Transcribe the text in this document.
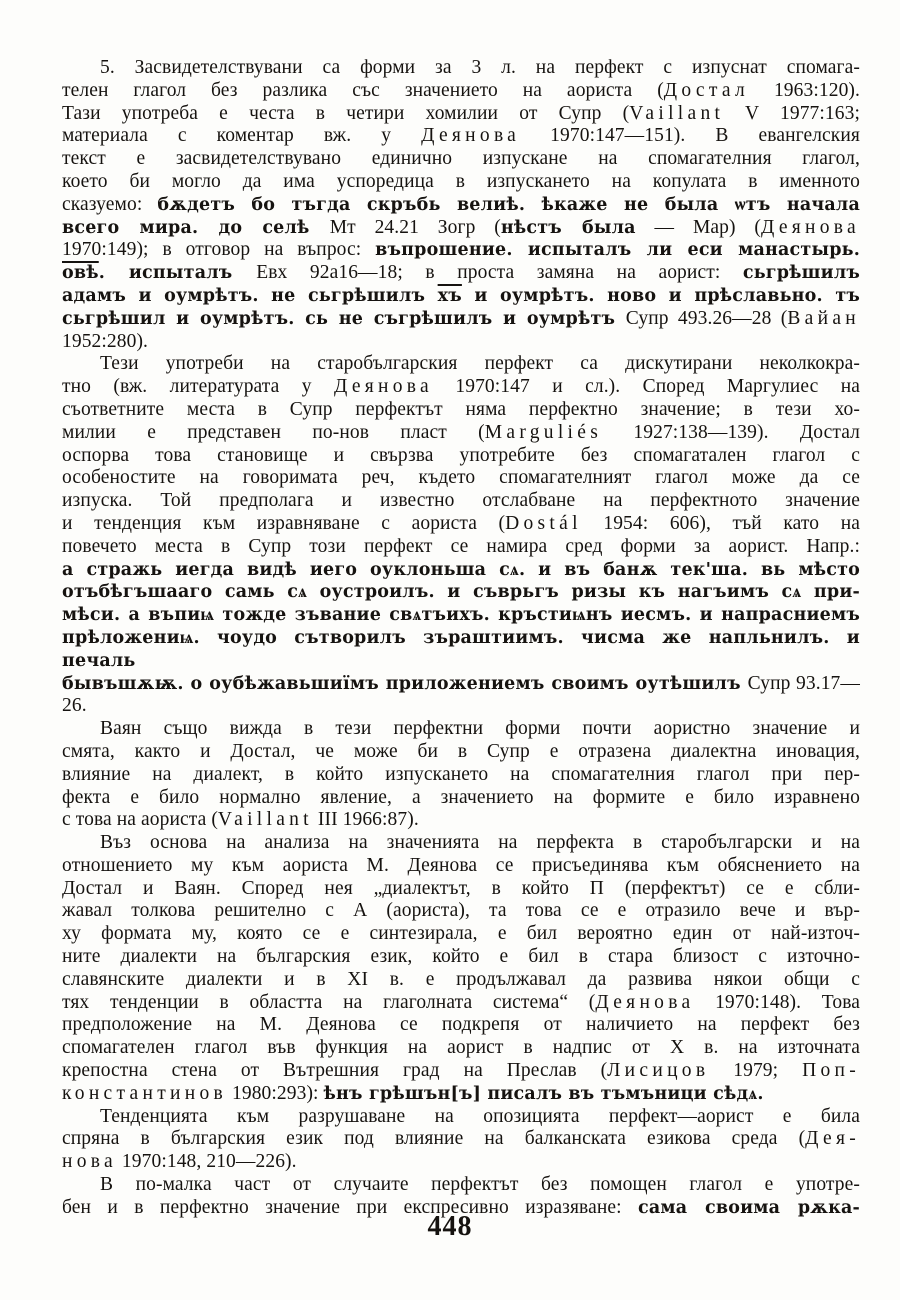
5. Засвидетелствувани са форми за 3 л. на перфект с изпуснат спомага-
телен глагол без разлика със значението на аориста (Достал 1963:120).
Тази употреба е честа в четири хомилии от Супр (Vaillant V 1977:163;
материала с коментар вж. у Деянова 1970:147—151). В евангелския
текст е засвидетелствувано единично изпускане на спомагателния глагол,
което би могло да има успоредица в изпускането на копулата в именното
сказуемо: бѫдетъ бо тъгда скръбь велиѣ. ѣкаже не была ѡтъ начала
всего мира. до селѣ Мт 24.21 Зогр (нѣстъ была — Мар) (Деянова
1970:149); в отговор на въпрос: въпрошение. испыталъ ли еси манастырь.
овѣ. испыталъ Евх 92а16—18; в проста замяна на аорист: сьгрѣшилъ
адамъ и оумрѣтъ. не сьгрѣшилъ хъ и оумрѣтъ. ново и прѣславьно. тъ
сьгрѣшил и оумрѣтъ. сь не съгрѣшилъ и оумрѣтъ Супр 493.26—28 (Вайан
1952:280).
Тези употреби на старобългарския перфект са дискутирани неколкокра-
тно (вж. литературата у Деянова 1970:147 и сл.). Според Маргулиес на
съответните места в Супр перфектът няма перфектно значение; в тези хо-
милии е представен по-нов пласт (Marguliés 1927:138—139). Достал
оспорва това становище и свързва употребите без спомагатален глагол с
особеностите на говоримата реч, където спомагателният глагол може да се
изпуска. Той предполага и известно отслабване на перфектното значение
и тенденция към изравняване с аориста (Dostál 1954: 606), тъй като на
повечето места в Супр този перфект се намира сред форми за аорист. Напр.:
а стражь иегда видѣ иего оуклоньша сѧ. и въ банѫ тек'ша. вь мѣсто
отъбѣгъшааго самь сѧ оустроилъ. и съврьгъ ризы къ нагъимъ сѧ при-
мѣси. а въпиѩ тожде зъвание свѧтъихъ. кръстиѩнъ иесмъ. и напрасниемъ
прѣложениѩ. чоудо сътворилъ зъраштиимъ. чисма же напльнилъ. и печаль
бывъшѫѭ. о оубѣжавьшиїмъ приложениемъ своимъ оутѣшилъ Супр 93.17—26.
Ваян също вижда в тези перфектни форми почти аористно значение и
смята, както и Достал, че може би в Супр е отразена диалектна иновация,
влияние на диалект, в който изпускането на спомагателния глагол при пер-
фекта е било нормално явление, а значението на формите е било изравнено
с това на аориста (Vaillant III 1966:87).
Въз основа на анализа на значенията на перфекта в старобългарски и на
отношението му към аориста М. Деянова се присъединява към обяснението на
Достал и Ваян. Според нея „диалектът, в който П (перфектът) се е сбли-
жавал толкова решително с А (аориста), та това се е отразило вече и вър-
ху формата му, която се е синтезирала, е бил вероятно един от най-източ-
ните диалекти на българския език, който е бил в стара близост с източно-
славянските диалекти и в XI в. е продължавал да развива някои общи с
тях тенденции в областта на глаголната система“ (Деянова 1970:148). Това
предположение на М. Деянова се подкрепя от наличието на перфект без
спомагателен глагол във функция на аорист в надпис от X в. на източната
крепостна стена от Вътрешния град на Преслав (Лисицов 1979; Поп-
константинов 1980:293): ѣнъ грѣшън[ъ] писалъ въ тъмъници сѣдѧ.
Тенденцията към разрушаване на опозицията перфект—аорист е била
спряна в българския език под влияние на балканската езикова среда (Дея-
нова 1970:148, 210—226).
В по-малка част от случаите перфектът без помощен глагол е употре-
бен и в перфектно значение при експресивно изразяване: сама своима рѫка-
448
